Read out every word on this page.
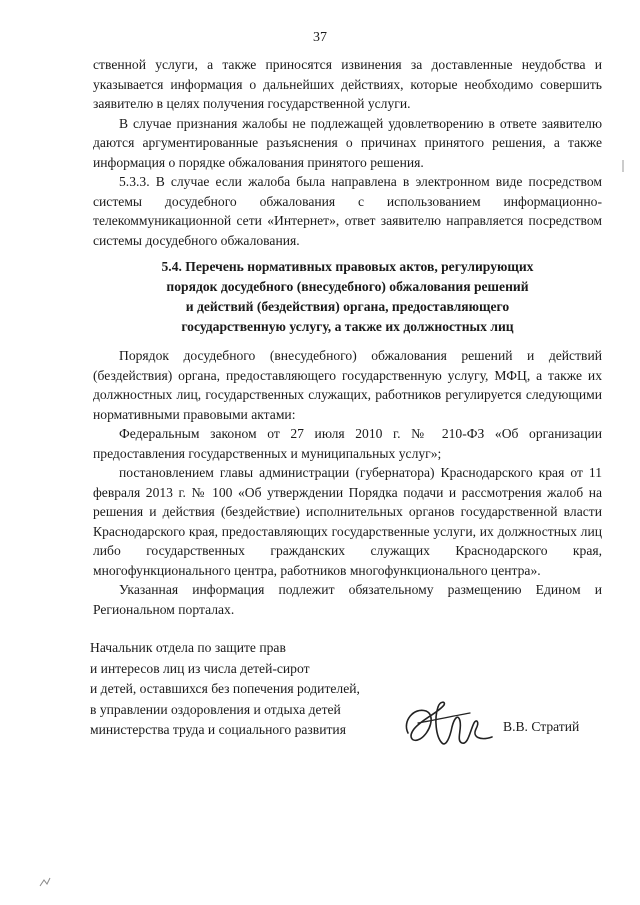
37

ственной услуги, а также приносятся извинения за доставленные неудобства и указывается информация о дальнейших действиях, которые необходимо совершить заявителю в целях получения государственной услуги.

В случае признания жалобы не подлежащей удовлетворению в ответе заявителю даются аргументированные разъяснения о причинах принятого решения, а также информация о порядке обжалования принятого решения.

5.3.3. В случае если жалоба была направлена в электронном виде посредством системы досудебного обжалования с использованием информационно-телекоммуникационной сети «Интернет», ответ заявителю направляется посредством системы досудебного обжалования.

5.4. Перечень нормативных правовых актов, регулирующих
порядок досудебного (внесудебного) обжалования решений
и действий (бездействия) органа, предоставляющего
государственную услугу, а также их должностных лиц

Порядок досудебного (внесудебного) обжалования решений и действий (бездействия) органа, предоставляющего государственную услугу, МФЦ, а также их должностных лиц, государственных служащих, работников регулируется следующими нормативными правовыми актами:

Федеральным законом от 27 июля 2010 г. № 210-ФЗ «Об организации предоставления государственных и муниципальных услуг»;

постановлением главы администрации (губернатора) Краснодарского края от 11 февраля 2013 г. № 100 «Об утверждении Порядка подачи и рассмотрения жалоб на решения и действия (бездействие) исполнительных органов государственной власти Краснодарского края, предоставляющих государственные услуги, их должностных лиц либо государственных гражданских служащих Краснодарского края, многофункционального центра, работников многофункционального центра».

Указанная информация подлежит обязательному размещению Едином и Региональном порталах.

Начальник отдела по защите прав
и интересов лиц из числа детей-сирот
и детей, оставшихся без попечения родителей,
в управлении оздоровления и отдыха детей
министерства труда и социального развития	В.В. Стратий
